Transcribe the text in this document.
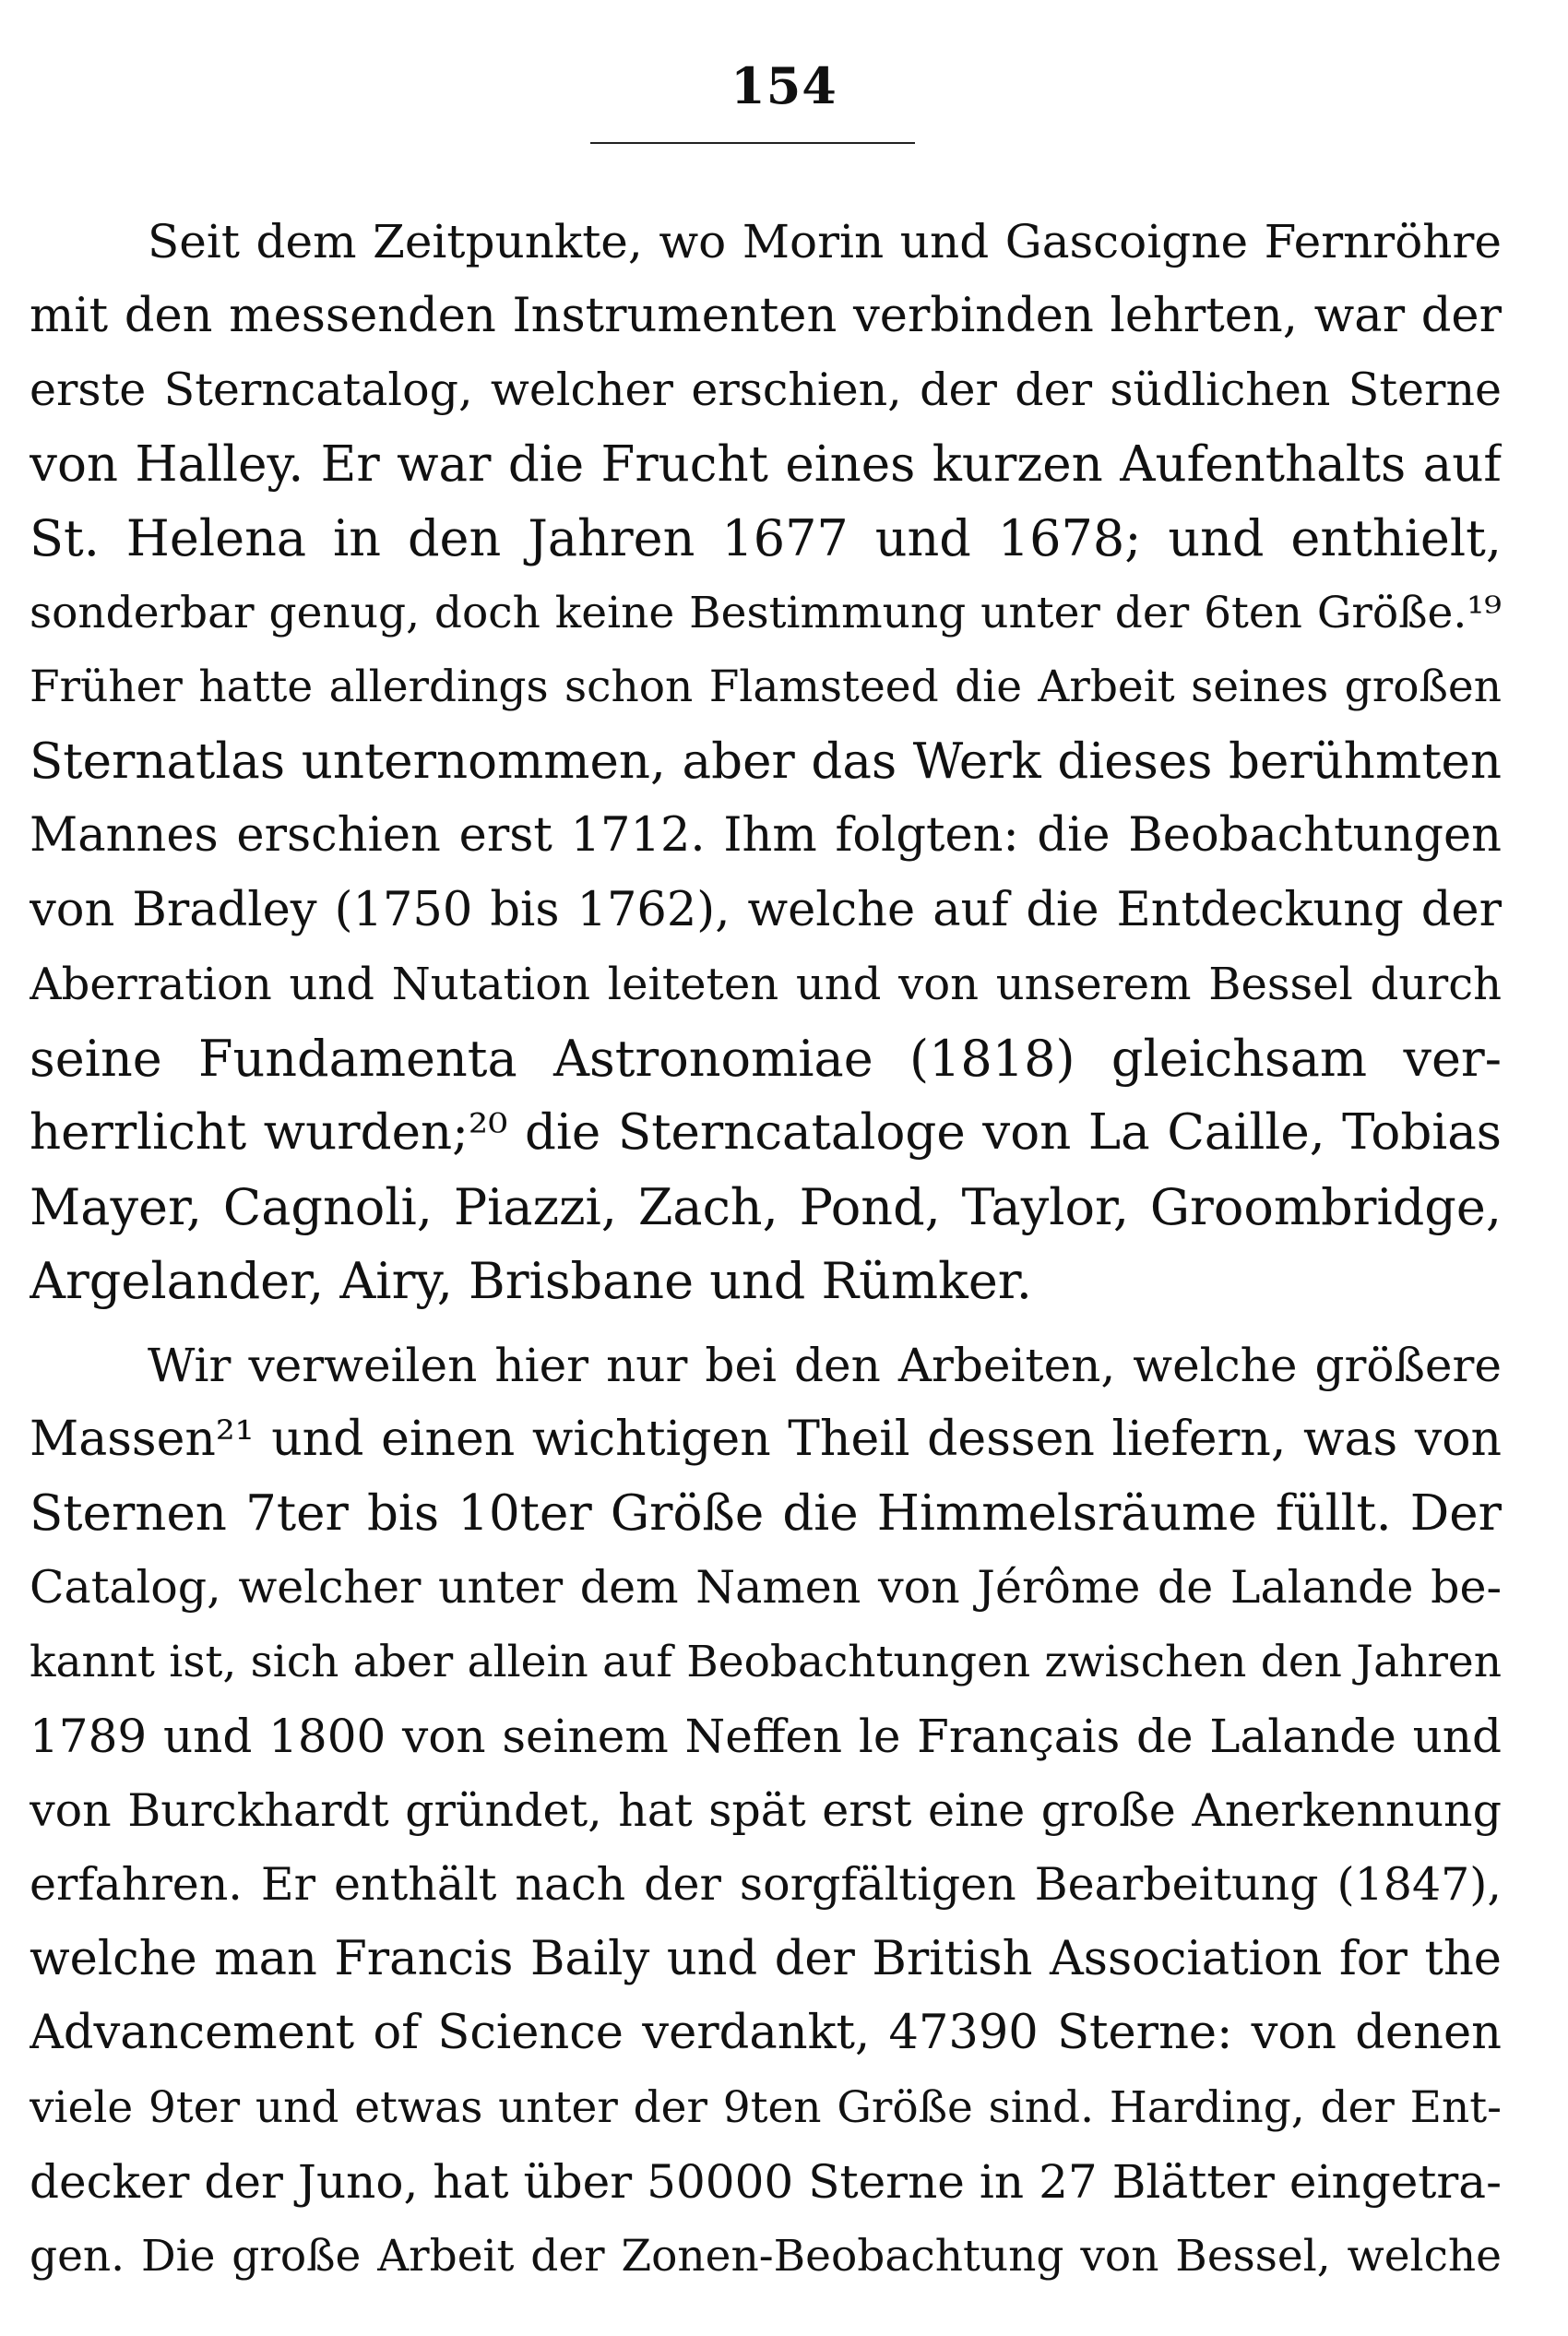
154
Seit dem Zeitpunkte, wo Morin und Gascoigne Fernröhre
mit den messenden Instrumenten verbinden lehrten, war der
erste Sterncatalog, welcher erschien, der der südlichen Sterne
von Halley. Er war die Frucht eines kurzen Aufenthalts auf
St. Helena in den Jahren 1677 und 1678; und enthielt,
sonderbar genug, doch keine Bestimmung unter der 6ten Größe.¹⁹
Früher hatte allerdings schon Flamsteed die Arbeit seines großen
Sternatlas unternommen, aber das Werk dieses berühmten
Mannes erschien erst 1712. Ihm folgten: die Beobachtungen
von Bradley (1750 bis 1762), welche auf die Entdeckung der
Aberration und Nutation leiteten und von unserem Bessel durch
seine Fundamenta Astronomiae (1818) gleichsam ver-
herrlicht wurden;²⁰ die Sterncataloge von La Caille, Tobias
Mayer, Cagnoli, Piazzi, Zach, Pond, Taylor, Groombridge,
Argelander, Airy, Brisbane und Rümker.
Wir verweilen hier nur bei den Arbeiten, welche größere
Massen²¹ und einen wichtigen Theil dessen liefern, was von
Sternen 7ter bis 10ter Größe die Himmelsräume füllt. Der
Catalog, welcher unter dem Namen von Jérôme de Lalande be-
kannt ist, sich aber allein auf Beobachtungen zwischen den Jahren
1789 und 1800 von seinem Neffen le Français de Lalande und
von Burckhardt gründet, hat spät erst eine große Anerkennung
erfahren. Er enthält nach der sorgfältigen Bearbeitung (1847),
welche man Francis Baily und der British Association for the
Advancement of Science verdankt, 47390 Sterne: von denen
viele 9ter und etwas unter der 9ten Größe sind. Harding, der Ent-
decker der Juno, hat über 50000 Sterne in 27 Blätter eingetra-
gen. Die große Arbeit der Zonen-Beobachtung von Bessel, welche
